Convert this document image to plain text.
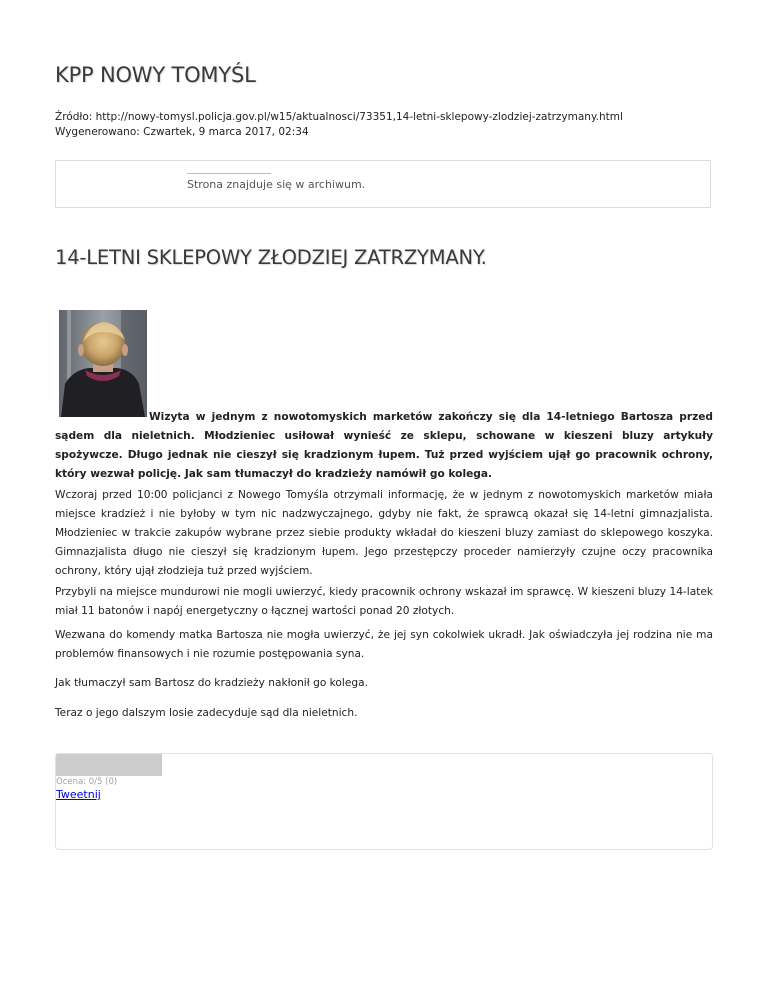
KPP NOWY TOMYŚL
Źródło: http://nowy-tomysl.policja.gov.pl/w15/aktualnosci/73351,14-letni-sklepowy-zlodziej-zatrzymany.html
Wygenerowano: Czwartek, 9 marca 2017, 02:34
Strona znajduje się w archiwum.
14-LETNI SKLEPOWY ZŁODZIEJ ZATRZYMANY.

Wizyta w jednym z nowotomyskich marketów zakończy się dla 14-letniego Bartosza przed sądem dla nieletnich. Młodzieniec usiłował wynieść ze sklepu, schowane w kieszeni bluzy artykuły spożywcze. Długo jednak nie cieszył się kradzionym łupem. Tuż przed wyjściem ujął go pracownik ochrony, który wezwał policję. Jak sam tłumaczył do kradzieży namówił go kolega.

Wczoraj przed 10:00 policjanci z Nowego Tomyśla otrzymali informację, że w jednym z nowotomyskich marketów miała miejsce kradzież i nie byłoby w tym nic nadzwyczajnego, gdyby nie fakt, że sprawcą okazał się 14-letni gimnazjalista. Młodzieniec w trakcie zakupów wybrane przez siebie produkty wkładał do kieszeni bluzy zamiast do sklepowego koszyka. Gimnazjalista długo nie cieszył się kradzionym łupem. Jego przestępczy proceder namierzyły czujne oczy pracownika ochrony, który ujął złodzieja tuż przed wyjściem.

Przybyli na miejsce mundurowi nie mogli uwierzyć, kiedy pracownik ochrony wskazał im sprawcę. W kieszeni bluzy 14-latek miał 11 batonów i napój energetyczny o łącznej wartości ponad 20 złotych.

Wezwana do komendy matka Bartosza nie mogła uwierzyć, że jej syn cokolwiek ukradł. Jak oświadczyła jej rodzina nie ma problemów finansowych i nie rozumie postępowania syna.

Jak tłumaczył sam Bartosz do kradzieży nakłonił go kolega.

Teraz o jego dalszym losie zadecyduje sąd dla nieletnich.

Ocena: 0/5 (0)
Tweetnij
